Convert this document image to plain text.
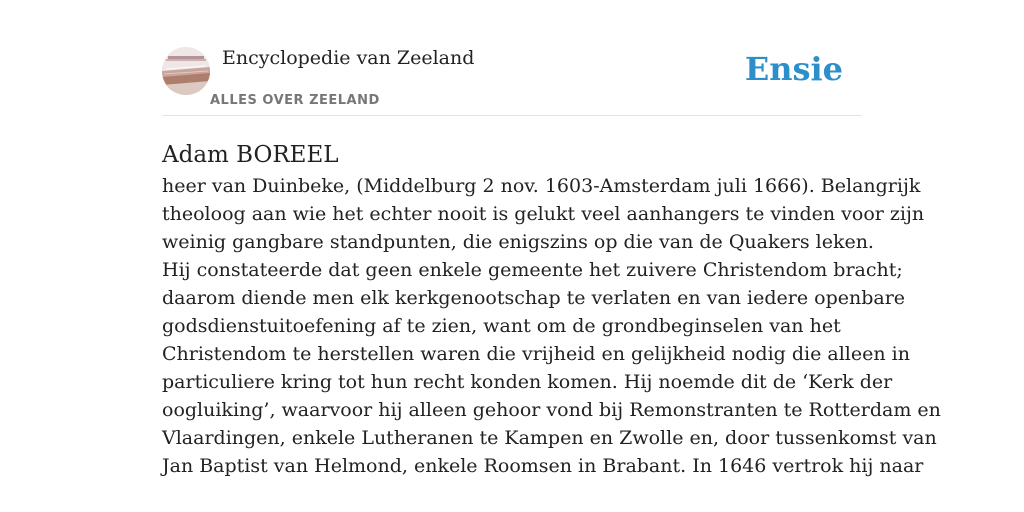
Encyclopedie van Zeeland
ALLES OVER ZEELAND
Ensie
Adam BOREEL

heer van Duinbeke, (Middelburg 2 nov. 1603-Amsterdam juli 1666). Belangrijk
theoloog aan wie het echter nooit is gelukt veel aanhangers te vinden voor zijn
weinig gangbare standpunten, die enigszins op die van de Quakers leken.

Hij constateerde dat geen enkele gemeente het zuivere Christendom bracht;
daarom diende men elk kerkgenootschap te verlaten en van iedere openbare
godsdienstuitoefening af te zien, want om de grondbeginselen van het
Christendom te herstellen waren die vrijheid en gelijkheid nodig die alleen in
particuliere kring tot hun recht konden komen. Hij noemde dit de ‘Kerk der
oogluiking’, waarvoor hij alleen gehoor vond bij Remonstranten te Rotterdam en
Vlaardingen, enkele Lutheranen te Kampen en Zwolle en, door tussenkomst van
Jan Baptist van Helmond, enkele Roomsen in Brabant. In 1646 vertrok hij naar
